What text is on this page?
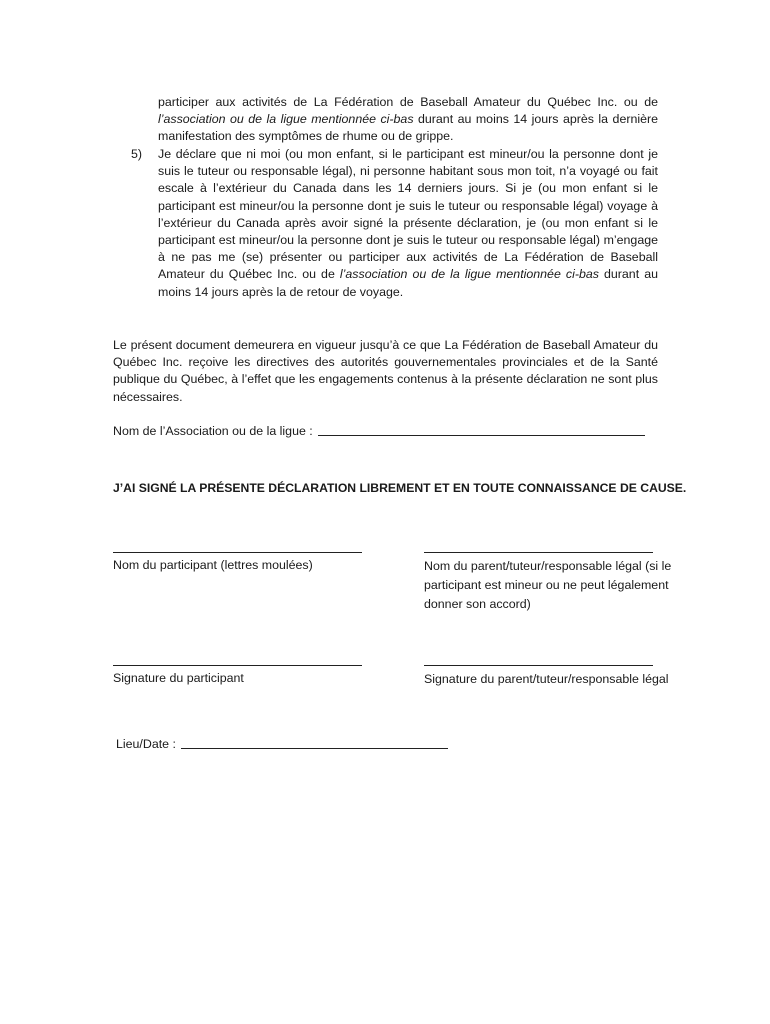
participer aux activités de La Fédération de Baseball Amateur du Québec Inc. ou de l’association ou de la ligue mentionnée ci-bas durant au moins 14 jours après la dernière manifestation des symptômes de rhume ou de grippe.
5) Je déclare que ni moi (ou mon enfant, si le participant est mineur/ou la personne dont je suis le tuteur ou responsable légal), ni personne habitant sous mon toit, n’a voyagé ou fait escale à l’extérieur du Canada dans les 14 derniers jours. Si je (ou mon enfant si le participant est mineur/ou la personne dont je suis le tuteur ou responsable légal) voyage à l’extérieur du Canada après avoir signé la présente déclaration, je (ou mon enfant si le participant est mineur/ou la personne dont je suis le tuteur ou responsable légal) m’engage à ne pas me (se) présenter ou participer aux activités de La Fédération de Baseball Amateur du Québec Inc. ou de l’association ou de la ligue mentionnée ci-bas durant au moins 14 jours après la de retour de voyage.
Le présent document demeurera en vigueur jusqu’à ce que La Fédération de Baseball Amateur du Québec Inc. reçoive les directives des autorités gouvernementales provinciales et de la Santé publique du Québec, à l’effet que les engagements contenus à la présente déclaration ne sont plus nécessaires.
Nom de l’Association ou de la ligue :
J’AI SIGNÉ LA PRÉSENTE DÉCLARATION LIBREMENT ET EN TOUTE CONNAISSANCE DE CAUSE.
Nom du participant (lettres moulées)	Nom du parent/tuteur/responsable légal (si le participant est mineur ou ne peut légalement donner son accord)
Signature du participant	Signature du parent/tuteur/responsable légal
Lieu/Date :
